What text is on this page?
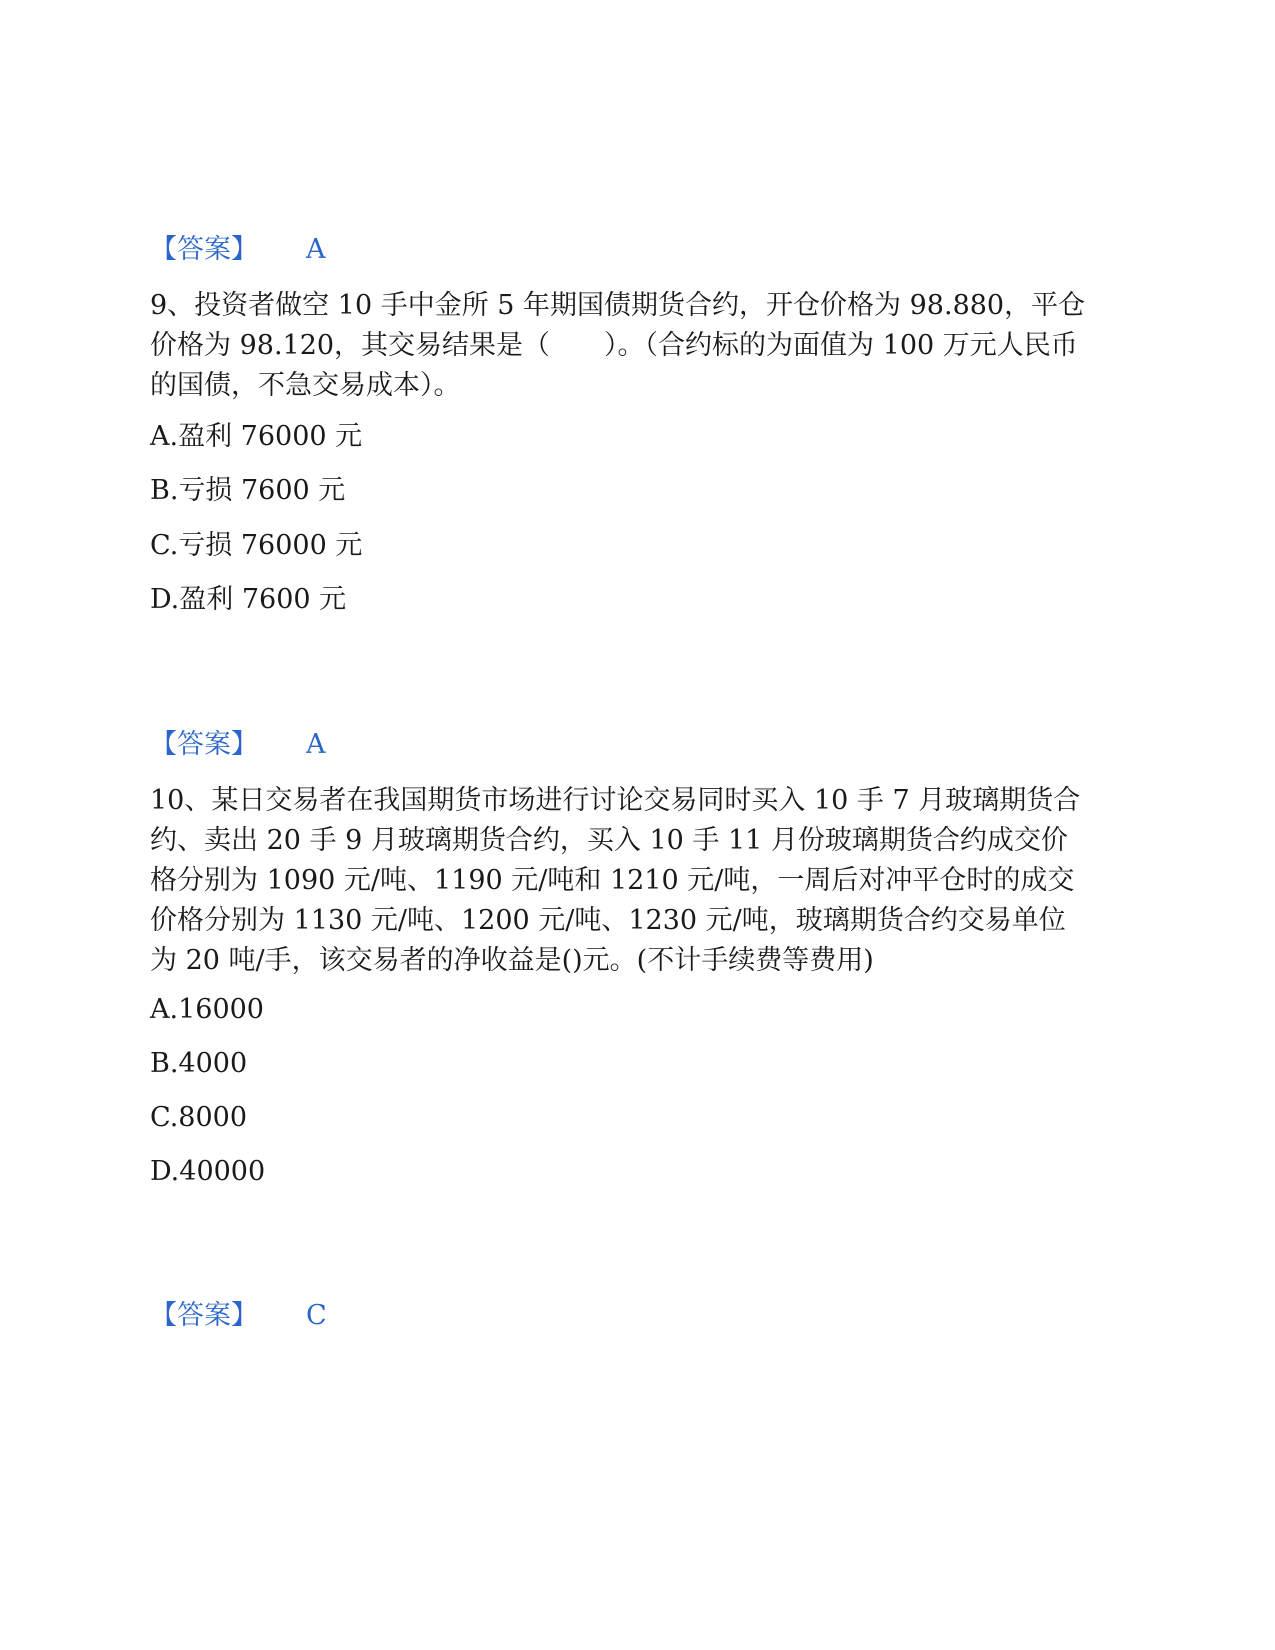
【答案】 A
9、投资者做空 10 手中金所 5 年期国债期货合约，开仓价格为 98.880，平仓价格为 98.120，其交易结果是（　　）。（合约标的为面值为 100 万元人民币的国债，不急交易成本）。
A.盈利 76000 元
B.亏损 7600 元
C.亏损 76000 元
D.盈利 7600 元
【答案】 A
10、某日交易者在我国期货市场进行讨论交易同时买入 10 手 7 月玻璃期货合约、卖出 20 手 9 月玻璃期货合约，买入 10 手 11 月份玻璃期货合约成交价格分别为 1090 元/吨、1190 元/吨和 1210 元/吨，一周后对冲平仓时的成交价格分别为 1130 元/吨、1200 元/吨、1230 元/吨，玻璃期货合约交易单位为 20 吨/手，该交易者的净收益是()元。(不计手续费等费用)
A.16000
B.4000
C.8000
D.40000
【答案】 C
